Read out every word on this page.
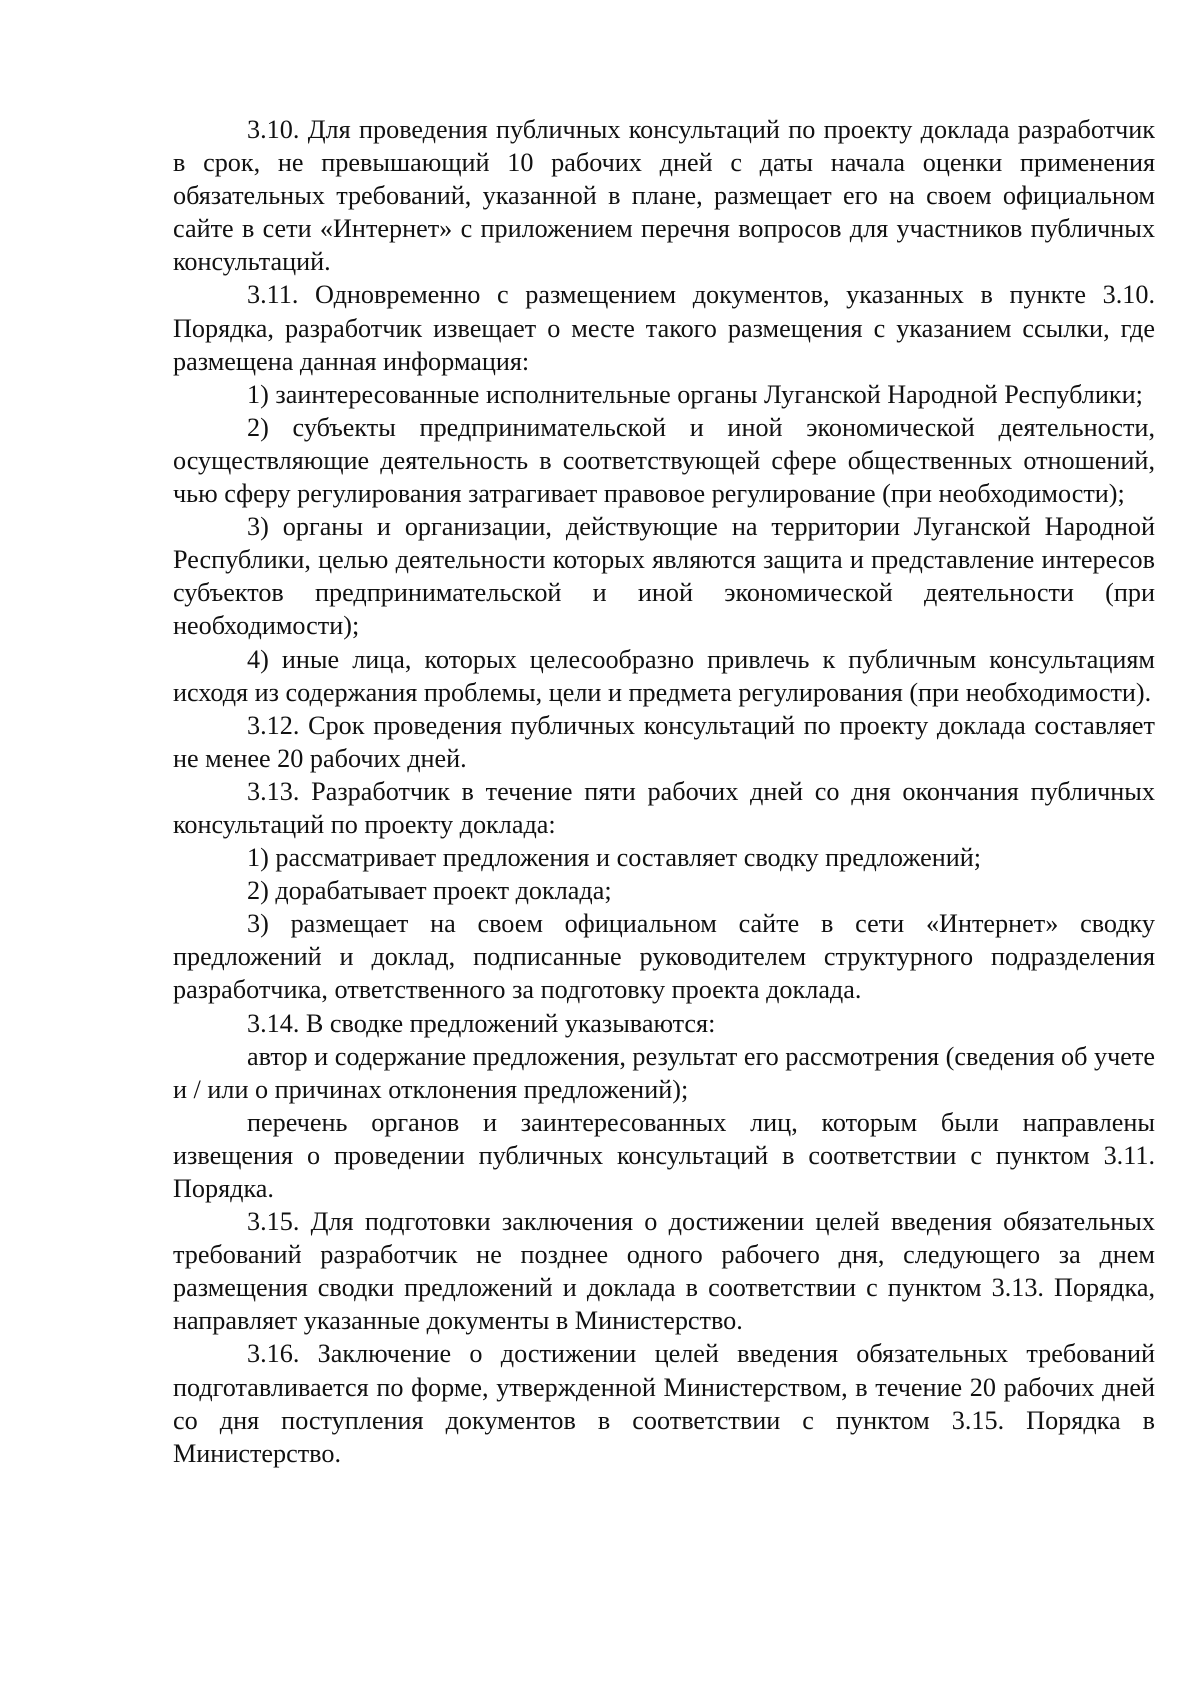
3.10. Для проведения публичных консультаций по проекту доклада разработчик в срок, не превышающий 10 рабочих дней с даты начала оценки применения обязательных требований, указанной в плане, размещает его на своем официальном сайте в сети «Интернет» с приложением перечня вопросов для участников публичных консультаций.

3.11. Одновременно с размещением документов, указанных в пункте 3.10. Порядка, разработчик извещает о месте такого размещения с указанием ссылки, где размещена данная информация:

1) заинтересованные исполнительные органы Луганской Народной Республики;

2) субъекты предпринимательской и иной экономической деятельности, осуществляющие деятельность в соответствующей сфере общественных отношений, чью сферу регулирования затрагивает правовое регулирование (при необходимости);

3) органы и организации, действующие на территории Луганской Народной Республики, целью деятельности которых являются защита и представление интересов субъектов предпринимательской и иной экономической деятельности (при необходимости);

4) иные лица, которых целесообразно привлечь к публичным консультациям исходя из содержания проблемы, цели и предмета регулирования (при необходимости).

3.12. Срок проведения публичных консультаций по проекту доклада составляет не менее 20 рабочих дней.

3.13. Разработчик в течение пяти рабочих дней со дня окончания публичных консультаций по проекту доклада:

1) рассматривает предложения и составляет сводку предложений;

2) дорабатывает проект доклада;

3) размещает на своем официальном сайте в сети «Интернет» сводку предложений и доклад, подписанные руководителем структурного подразделения разработчика, ответственного за подготовку проекта доклада.

3.14. В сводке предложений указываются:

автор и содержание предложения, результат его рассмотрения (сведения об учете и / или о причинах отклонения предложений);

перечень органов и заинтересованных лиц, которым были направлены извещения о проведении публичных консультаций в соответствии с пунктом 3.11. Порядка.

3.15. Для подготовки заключения о достижении целей введения обязательных требований разработчик не позднее одного рабочего дня, следующего за днем размещения сводки предложений и доклада в соответствии с пунктом 3.13. Порядка, направляет указанные документы в Министерство.

3.16. Заключение о достижении целей введения обязательных требований подготавливается по форме, утвержденной Министерством, в течение 20 рабочих дней со дня поступления документов в соответствии с пунктом 3.15. Порядка в Министерство.
